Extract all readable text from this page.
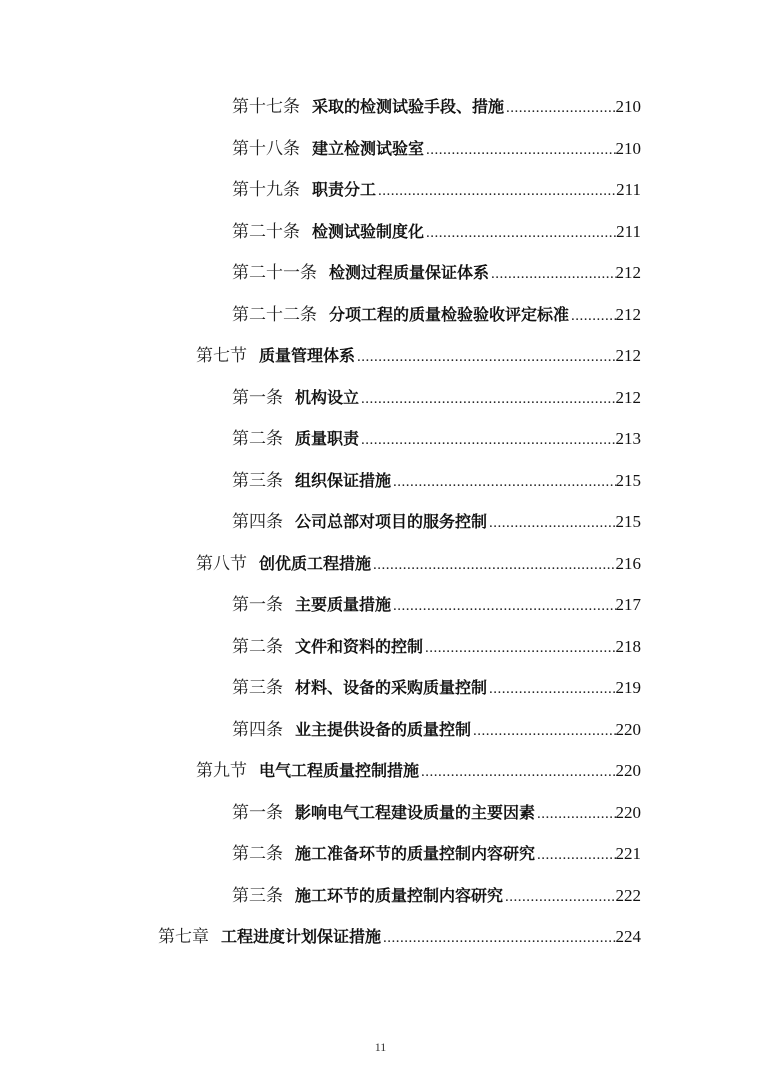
第十七条 采取的检测试验手段、措施 .....	210
第十八条 建立检测试验室 .....	210
第十九条 职责分工 .....	211
第二十条 检测试验制度化 .....	211
第二十一条 检测过程质量保证体系 .....	212
第二十二条 分项工程的质量检验验收评定标准 .....	212
第七节 质量管理体系 .....	212
第一条 机构设立 .....	212
第二条 质量职责 .....	213
第三条 组织保证措施 .....	215
第四条 公司总部对项目的服务控制 .....	215
第八节 创优质工程措施 .....	216
第一条 主要质量措施 .....	217
第二条 文件和资料的控制 .....	218
第三条 材料、设备的采购质量控制 .....	219
第四条 业主提供设备的质量控制 .....	220
第九节 电气工程质量控制措施 .....	220
第一条 影响电气工程建设质量的主要因素 .....	220
第二条 施工准备环节的质量控制内容研究 .....	221
第三条 施工环节的质量控制内容研究 .....	222
第七章 工程进度计划保证措施 .....	224
11
